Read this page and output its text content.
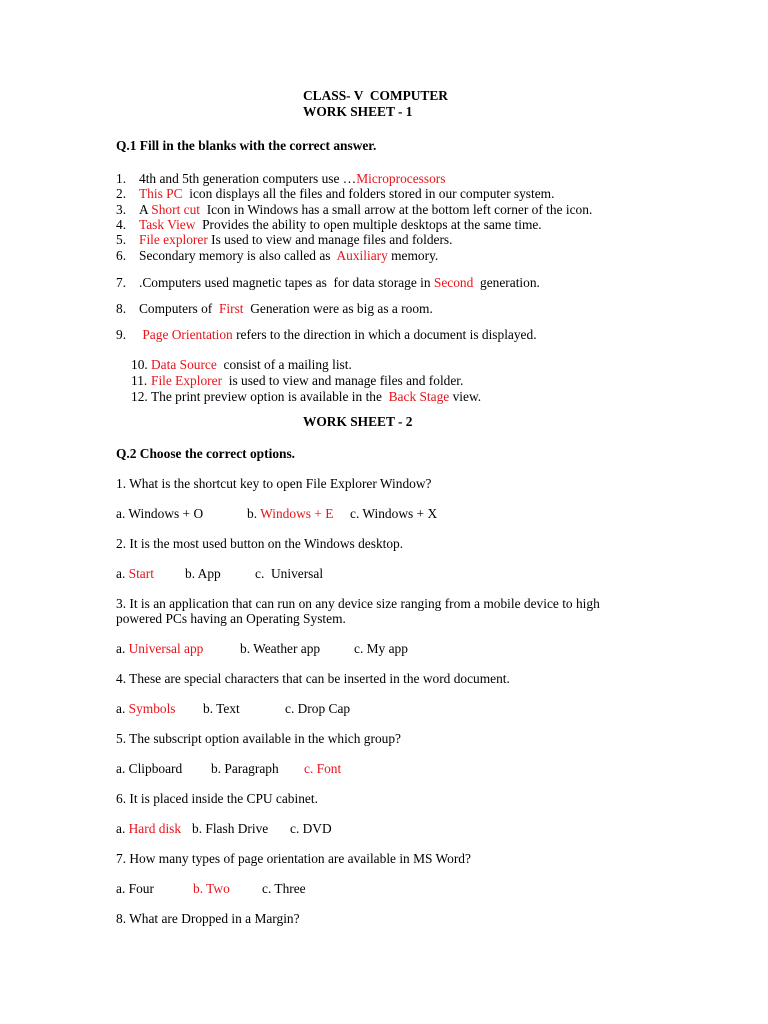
CLASS- V  COMPUTER
WORK SHEET - 1
Q.1 Fill in the blanks with the correct answer.
1. 4th and 5th generation computers use …Microprocessors
2. This PC  icon displays all the files and folders stored in our computer system.
3. A Short cut  Icon in Windows has a small arrow at the bottom left corner of the icon.
4. Task View  Provides the ability to open multiple desktops at the same time.
5. File explorer Is used to view and manage files and folders.
6. Secondary memory is also called as  Auxiliary memory.
7. .Computers used magnetic tapes as  for data storage in Second  generation.
8. Computers of  First  Generation were as big as a room.
9. Page Orientation refers to the direction in which a document is displayed.
10. Data Source  consist of a mailing list.
11. File Explorer  is used to view and manage files and folder.
12. The print preview option is available in the  Back Stage view.
WORK SHEET - 2
Q.2 Choose the correct options.
1. What is the shortcut key to open File Explorer Window?
a. Windows + O	b. Windows + E c. Windows + X
2. It is the most used button on the Windows desktop.
a. Start b. App	c.  Universal
3. It is an application that can run on any device size ranging from a mobile device to high
powered PCs having an Operating System.
a. Universal app	b. Weather app	c. My app
4. These are special characters that can be inserted in the word document.
a. Symbols b. Text	c. Drop Cap
5. The subscript option available in the which group?
a. Clipboard b. Paragraph c. Font
6. It is placed inside the CPU cabinet.
a. Hard disk b. Flash Drive c. DVD
7. How many types of page orientation are available in MS Word?
a. Four	b. Two c. Three
8. What are Dropped in a Margin?
